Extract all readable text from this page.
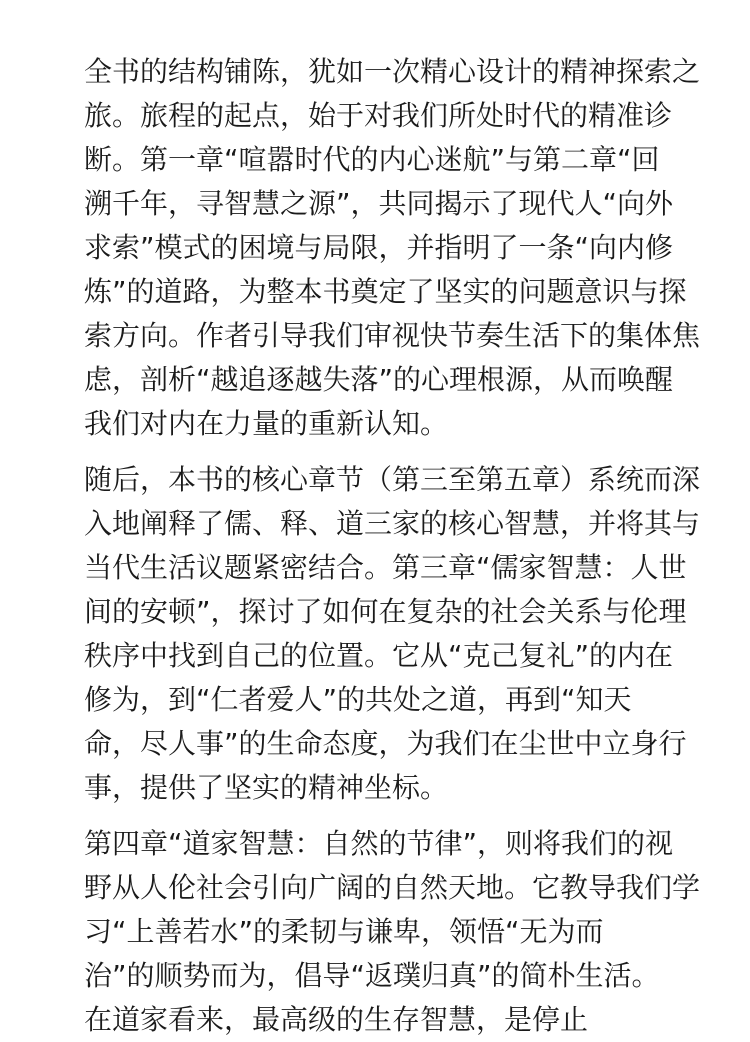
全书的结构铺陈，犹如一次精心设计的精神探索之
旅。旅程的起点，始于对我们所处时代的精准诊
断。第一章“喧嚣时代的内心迷航”与第二章“回
溯千年，寻智慧之源”，共同揭示了现代人“向外
求索”模式的困境与局限，并指明了一条“向内修
炼”的道路，为整本书奠定了坚实的问题意识与探
索方向。作者引导我们审视快节奏生活下的集体焦
虑，剖析“越追逐越失落”的心理根源，从而唤醒
我们对内在力量的重新认知。
随后，本书的核心章节（第三至第五章）系统而深
入地阐释了儒、释、道三家的核心智慧，并将其与
当代生活议题紧密结合。第三章“儒家智慧：人世
间的安顿”，探讨了如何在复杂的社会关系与伦理
秩序中找到自己的位置。它从“克己复礼”的内在
修为，到“仁者爱人”的共处之道，再到“知天
命，尽人事”的生命态度，为我们在尘世中立身行
事，提供了坚实的精神坐标。
第四章“道家智慧：自然的节律”，则将我们的视
野从人伦社会引向广阔的自然天地。它教导我们学
习“上善若水”的柔韧与谦卑，领悟“无为而
治”的顺势而为，倡导“返璞归真”的简朴生活。
在道家看来，最高级的生存智慧，是停止
